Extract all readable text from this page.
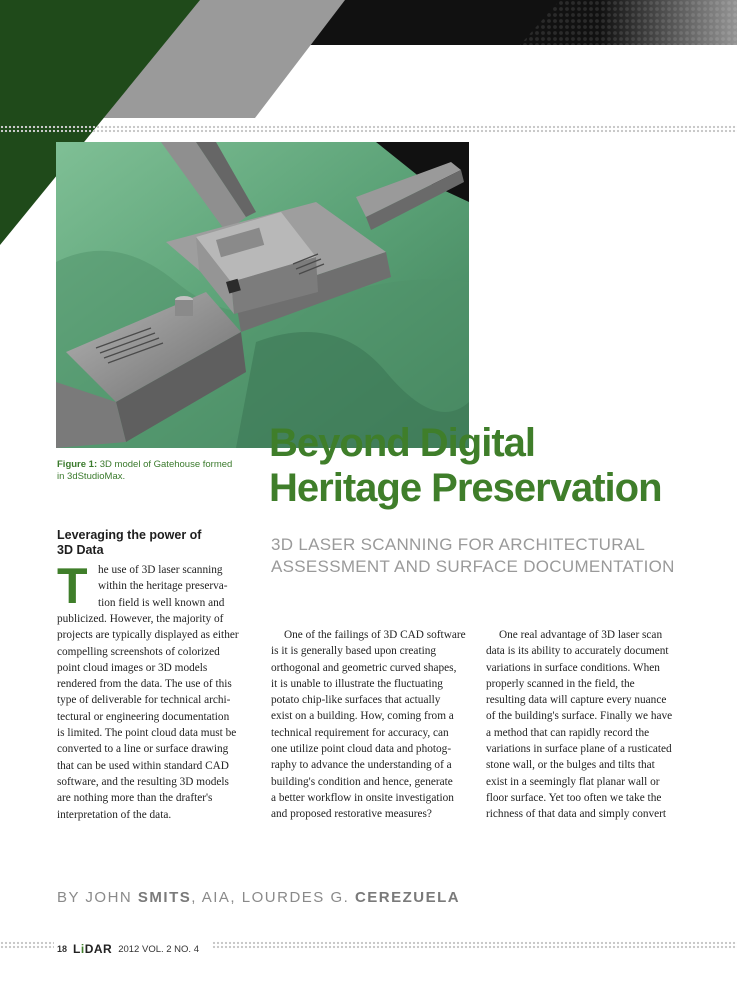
Figure 1: 3D model of Gatehouse formed in 3dStudioMax.
Beyond Digital
Heritage Preservation
3D LASER SCANNING FOR ARCHITECTURAL
ASSESSMENT AND SURFACE DOCUMENTATION
Leveraging the power of
3D Data
T he use of 3D laser scanning

within the heritage preserva-

tion field is well known and

publicized. However, the majority of

projects are typically displayed as either

compelling screenshots of colorized

point cloud images or 3D models

rendered from the data. The use of this

type of deliverable for technical archi-

tectural or engineering documentation

is limited. The point cloud data must be

converted to a line or surface drawing

that can be used within standard CAD

software, and the resulting 3D models

are nothing more than the drafter's

interpretation of the data.

One of the failings of 3D CAD software

is it is generally based upon creating

orthogonal and geometric curved shapes,

it is unable to illustrate the fluctuating

potato chip-like surfaces that actually

exist on a building. How, coming from a

technical requirement for accuracy, can

one utilize point cloud data and photog-

raphy to advance the understanding of a

building's condition and hence, generate

a better workflow in onsite investigation

and proposed restorative measures?

One real advantage of 3D laser scan

data is its ability to accurately document

variations in surface conditions. When

properly scanned in the field, the

resulting data will capture every nuance

of the building's surface. Finally we have

a method that can rapidly record the

variations in surface plane of a rusticated

stone wall, or the bulges and tilts that

exist in a seemingly flat planar wall or

floor surface. Yet too often we take the

richness of that data and simply convert

BY JOHN SMITS, AIA, LOURDES G. CEREZUELA
18 LiDAR 2012 VOL. 2 NO. 4
